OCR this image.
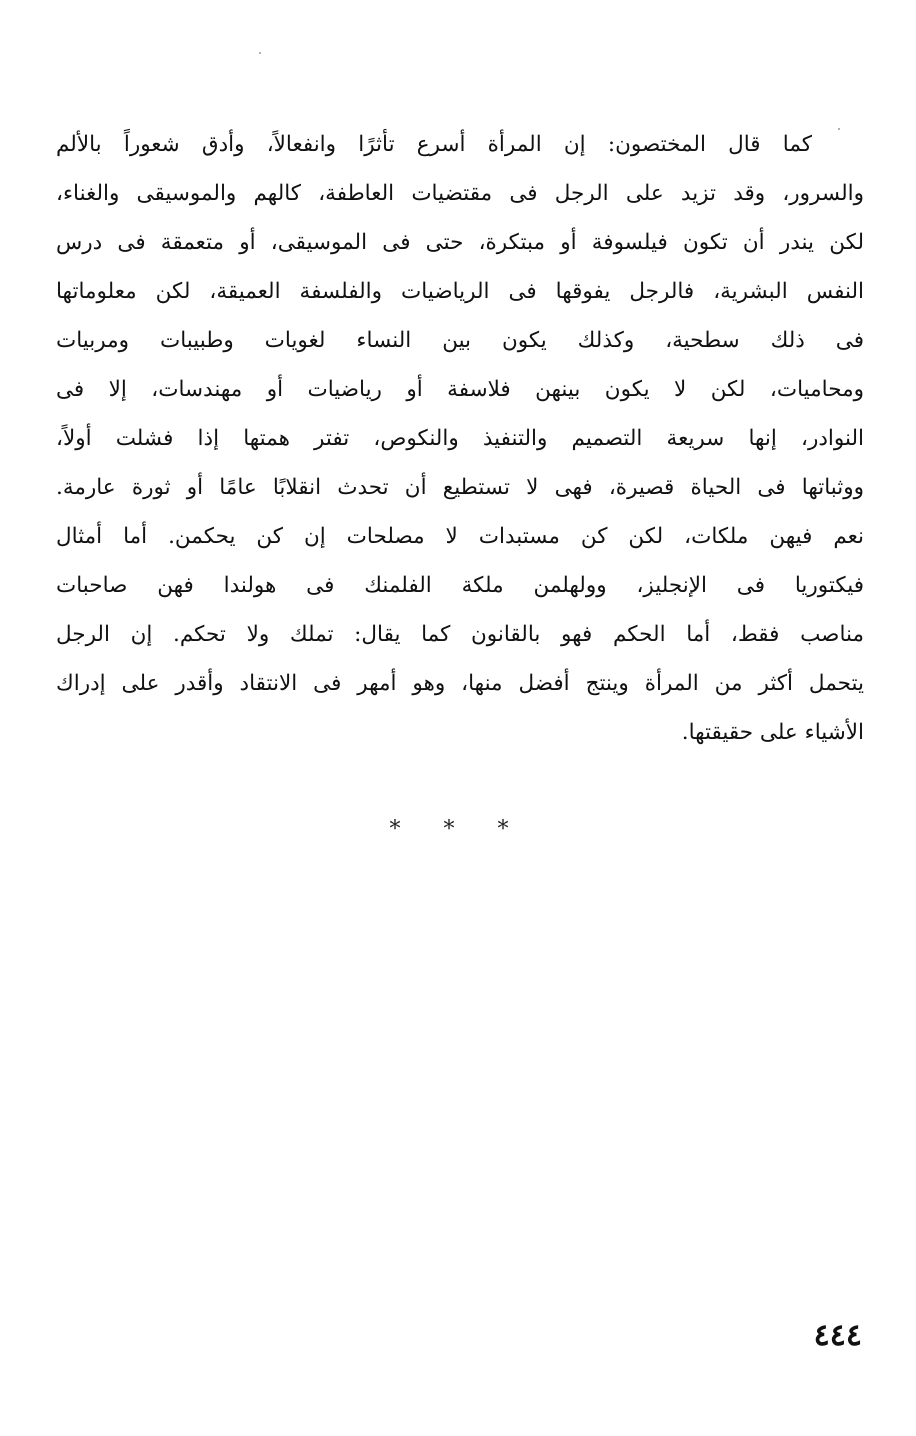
كما قال المختصون: إن المرأة أسرع تأثرًا وانفعالاً، وأدق شعوراً بالألم
والسرور، وقد تزيد على الرجل فى مقتضيات العاطفة، كالهم والموسيقى والغناء،
لكن يندر أن تكون فيلسوفة أو مبتكرة، حتى فى الموسيقى، أو متعمقة فى درس
النفس البشرية، فالرجل يفوقها فى الرياضيات والفلسفة العميقة، لكن معلوماتها
فى ذلك سطحية، وكذلك يكون بين النساء لغويات وطبيبات ومربيات
ومحاميات، لكن لا يكون بينهن فلاسفة أو رياضيات أو مهندسات، إلا فى
النوادر، إنها سريعة التصميم والتنفيذ والنكوص، تفتر همتها إذا فشلت أولاً،
ووثباتها فى الحياة قصيرة، فهى لا تستطيع أن تحدث انقلابًا عامًا أو ثورة عارمة.
نعم فيهن ملكات، لكن كن مستبدات لا مصلحات إن كن يحكمن. أما أمثال
فيكتوريا فى الإنجليز، وولهلمن ملكة الفلمنك فى هولندا فهن صاحبات
مناصب فقط، أما الحكم فهو بالقانون كما يقال: تملك ولا تحكم. إن الرجل
يتحمل أكثر من المرأة وينتج أفضل منها، وهو أمهر فى الانتقاد وأقدر على إدراك
الأشياء على حقيقتها.
* * *
٤٤٤
